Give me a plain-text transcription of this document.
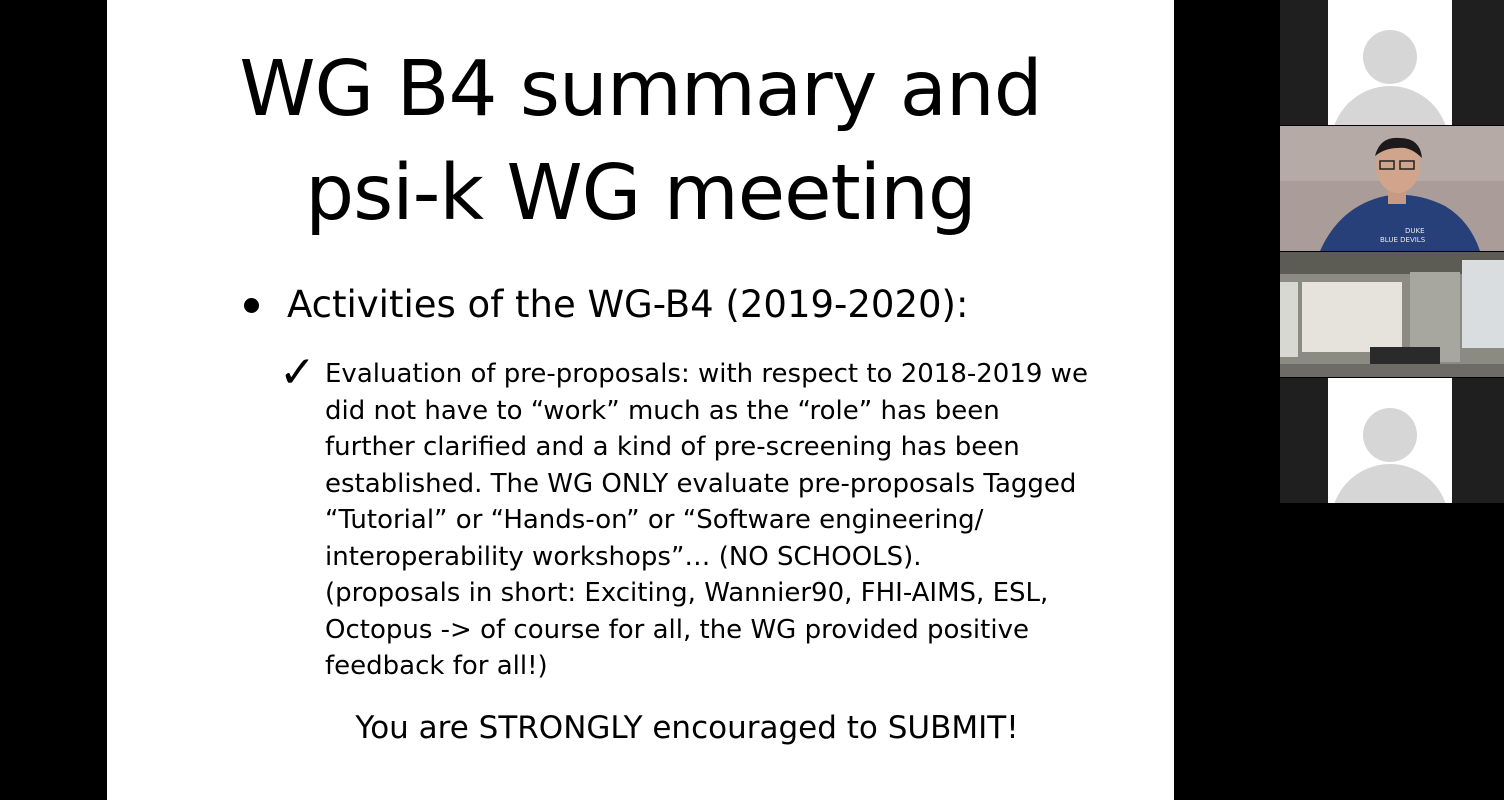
WG B4 summary and
psi-k WG meeting
Activities of the WG-B4 (2019-2020):
✓ Evaluation of pre-proposals: with respect to 2018-2019 we
did not have to “work” much as the “role” has been
further clarified and a kind of pre-screening has been
established. The WG ONLY evaluate pre-proposals Tagged
“Tutorial” or “Hands-on” or “Software engineering/
interoperability workshops”… (NO SCHOOLS).
(proposals in short: Exciting, Wannier90, FHI-AIMS, ESL,
Octopus -> of course for all, the WG provided positive
feedback for all!)
You are STRONGLY encouraged to SUBMIT!
DUKE
BLUE DEVILS
